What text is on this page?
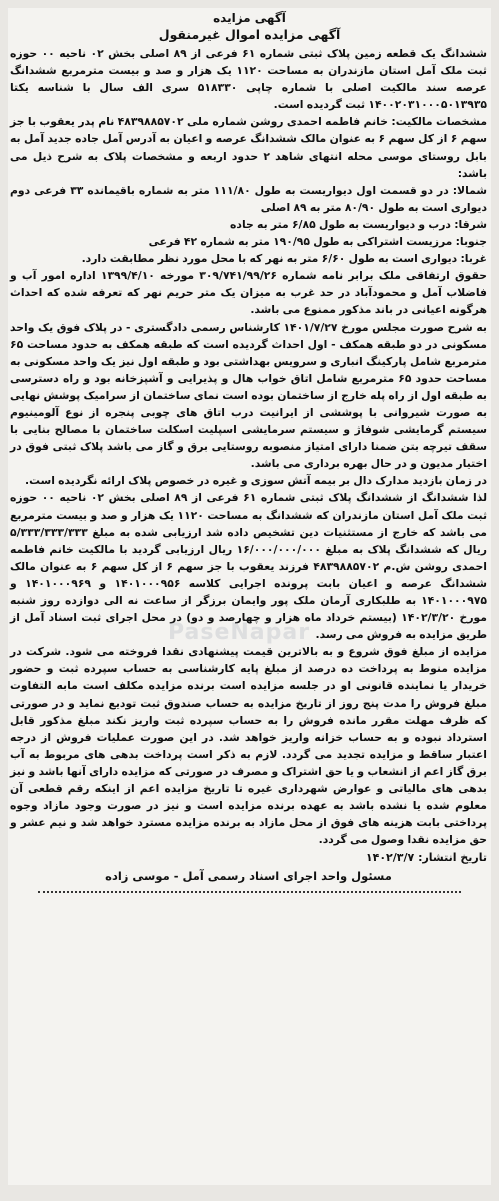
آگهی مزایده
آگهی مزایده اموال غیرمنقول

ششدانگ یک قطعه زمین پلاک ثبتی شماره ۶۱ فرعی از ۸۹ اصلی بخش ۰۲ ناحیه ۰۰ حوزه ثبت ملک آمل استان مازندران به مساحت ۱۱۲۰ یک هزار و صد و بیست مترمربع ششدانگ عرصه سند مالکیت اصلی با شماره چاپی ۵۱۸۳۳۰ سری الف سال با شناسه یکتا ۱۴۰۰۲۰۳۱۰۰۰۵۰۱۳۹۳۵ ثبت گردیده است.

مشخصات مالکیت: خانم فاطمه احمدی روشن شماره ملی ۴۸۳۹۸۸۵۷۰۲ نام پدر یعقوب با جز سهم ۶ از کل سهم ۶ به عنوان مالک ششدانگ عرصه و اعیان به آدرس آمل جاده جدید آمل به بابل روستای موسی محله انتهای شاهد ۲ حدود اربعه و مشخصات پلاک به شرح ذیل می باشد:

شمالا: در دو قسمت اول دیواریست به طول ۱۱۱/۸۰ متر به شماره باقیمانده ۳۳ فرعی دوم دیواری است به طول ۸۰/۹۰ متر به ۸۹ اصلی

شرقا: درب و دیواریست به طول ۶/۸۵ متر به جاده

جنوبا: مرزیست اشتراکی به طول ۱۹۰/۹۵ متر به شماره ۴۲ فرعی

غربا: دیواری است به طول ۶/۶۰ متر به نهر که با محل مورد نظر مطابقت دارد.

حقوق ارتفاقی ملک برابر نامه شماره ۳۰۹/۷۴۱/۹۹/۲۶ مورخه ۱۳۹۹/۴/۱۰ اداره امور آب و فاضلاب آمل و محمودآباد در حد غرب به میزان یک متر حریم نهر که تعرفه شده که احداث هرگونه اعیانی در باند مذکور ممنوع می باشد.

به شرح صورت مجلس مورخ ۱۴۰۱/۷/۲۷ کارشناس رسمی دادگستری - در پلاک فوق یک واحد مسکونی در دو طبقه همکف - اول احداث گردیده است که طبقه همکف به حدود مساحت ۶۵ مترمربع شامل پارکینگ انباری و سرویس بهداشتی بود و طبقه اول نیز یک واحد مسکونی به مساحت حدود ۶۵ مترمربع شامل اتاق خواب هال و پذیرایی و آشپزخانه بود و راه دسترسی به طبقه اول از راه پله خارج از ساختمان بوده است نمای ساختمان از سرامیک پوشش نهایی به صورت شیروانی با پوششی از ایرانیت درب اتاق های چوبی پنجره از نوع آلومینیوم سیستم گرمایشی شوفاژ و سیستم سرمایشی اسپلیت اسکلت ساختمان با مصالح بنایی با سقف تیرچه بتن ضمنا دارای امتیاز منصوبه روستایی برق و گاز می باشد پلاک ثبتی فوق در اختیار مدیون و در حال بهره برداری می باشد.

در زمان بازدید مدارک دال بر بیمه آتش سوزی و غیره در خصوص پلاک ارائه نگردیده است.

لذا ششدانگ از ششدانگ پلاک ثبتی شماره ۶۱ فرعی از ۸۹ اصلی بخش ۰۲ ناحیه ۰۰ حوزه ثبت ملک آمل استان مازندران که ششدانگ به مساحت ۱۱۲۰ یک هزار و صد و بیست مترمربع می باشد که خارج از مستثنیات دین تشخیص داده شد ارزیابی شده به مبلغ ۵/۳۳۳/۳۳۳/۳۳۳ ریال که ششدانگ پلاک به مبلغ ۱۶/۰۰۰/۰۰۰/۰۰۰ ریال ارزیابی گردید با مالکیت خانم فاطمه احمدی روشن ش.م ۴۸۳۹۸۸۵۷۰۲ فرزند یعقوب با جز سهم ۶ از کل سهم ۶ به عنوان مالک ششدانگ عرصه و اعیان بابت پرونده اجرایی کلاسه ۱۴۰۱۰۰۰۹۵۶ و ۱۴۰۱۰۰۰۹۶۹ و ۱۴۰۱۰۰۰۹۷۵ به طلبکاری آرمان ملک پور وایمان برزگر از ساعت نه الی دوازده روز شنبه مورخ ۱۴۰۲/۳/۲۰ (بیستم خرداد ماه هزار و چهارصد و دو) در محل اجرای ثبت اسناد آمل از طریق مزایده به فروش می رسد.

مزایده از مبلغ فوق شروع و به بالاترین قیمت پیشنهادی نقدا فروخته می شود. شرکت در مزایده منوط به پرداخت ده درصد از مبلغ پایه کارشناسی به حساب سپرده ثبت و حضور خریدار یا نماینده قانونی او در جلسه مزایده است برنده مزایده مکلف است مابه التفاوت مبلغ فروش را مدت پنج روز از تاریخ مزایده به حساب صندوق ثبت تودیع نماید و در صورتی که ظرف مهلت مقرر مانده فروش را به حساب سپرده ثبت واریز نکند مبلغ مذکور قابل استرداد نبوده و به حساب خزانه واریز خواهد شد. در این صورت عملیات فروش از درجه اعتبار ساقط و مزایده تجدید می گردد. لازم به ذکر است پرداخت بدهی های مربوط به آب برق گاز اعم از انشعاب و یا حق اشتراک و مصرف در صورتی که مزایده دارای آنها باشد و نیز بدهی های مالیاتی و عوارض شهرداری غیره تا تاریخ مزایده اعم از اینکه رقم قطعی آن معلوم شده یا نشده باشد به عهده برنده مزایده است و نیز در صورت وجود مازاد وجوه پرداختی بابت هزینه های فوق از محل مازاد به برنده مزایده مسترد خواهد شد و نیم عشر و حق مزایده نقدا وصول می گردد.

تاریخ انتشار: ۱۴۰۲/۳/۷
مسئول واحد اجرای اسناد رسمی آمل - موسی زاده
PaseNapar
